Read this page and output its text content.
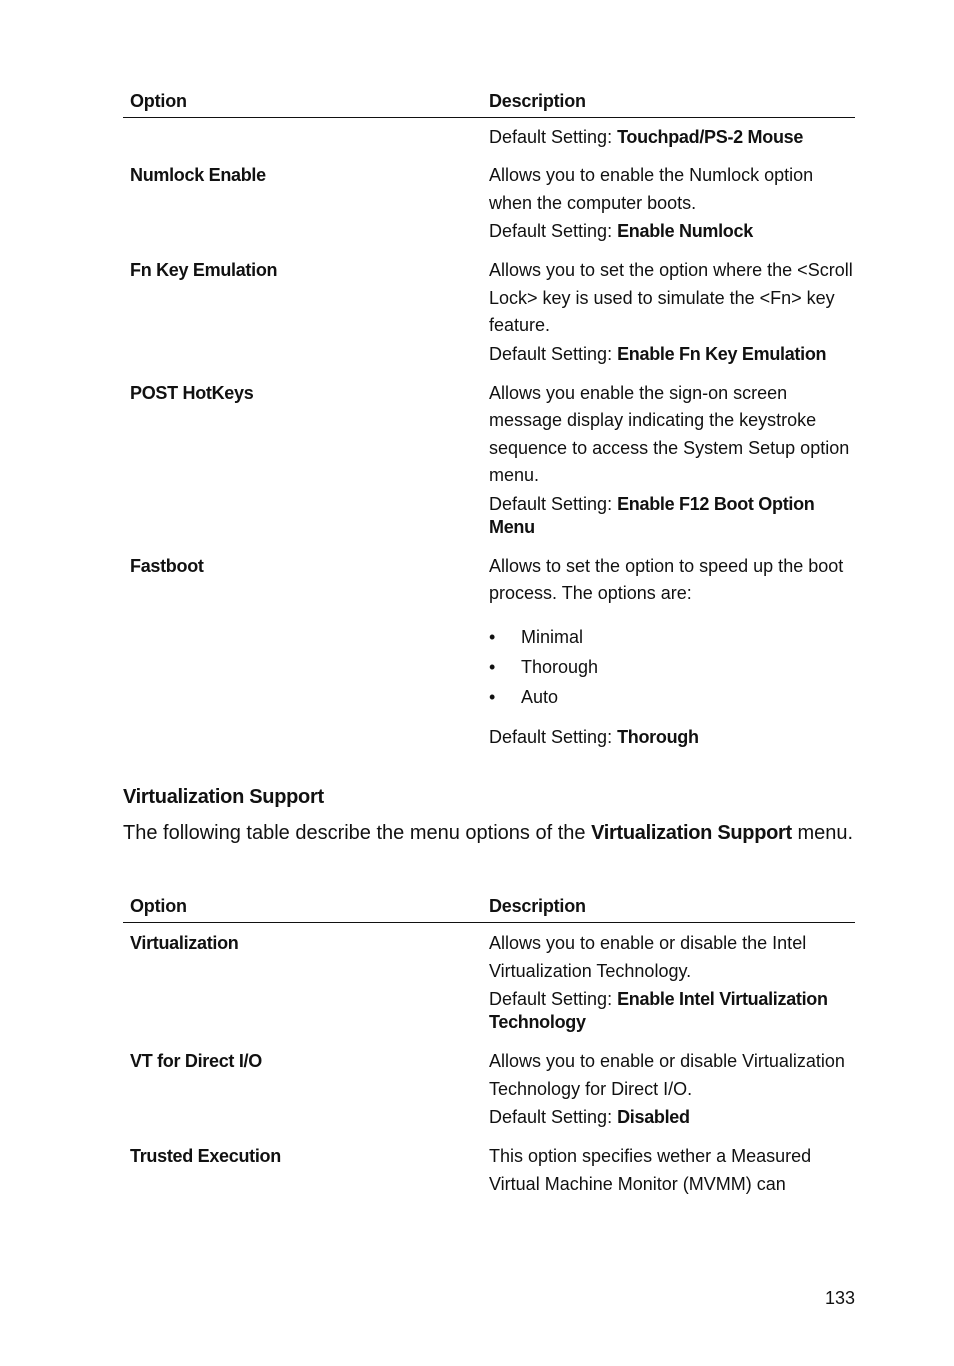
Option	Description

Default Setting: Touchpad/PS-2 Mouse

Numlock Enable	Allows you to enable the Numlock option when the computer boots.

Default Setting: Enable Numlock

Fn Key Emulation	Allows you to set the option where the <Scroll Lock> key is used to simulate the <Fn> key feature.

Default Setting: Enable Fn Key Emulation

POST HotKeys	Allows you enable the sign-on screen message display indicating the keystroke sequence to access the System Setup option menu.

Default Setting: Enable F12 Boot Option Menu

Fastboot	Allows to set the option to speed up the boot process. The options are:

• Minimal
• Thorough
• Auto

Default Setting: Thorough

Virtualization Support

The following table describe the menu options of the Virtualization Support menu.

Option	Description
Virtualization	Allows you to enable or disable the Intel Virtualization Technology.

Default Setting: Enable Intel Virtualization Technology

VT for Direct I/O	Allows you to enable or disable Virtualization Technology for Direct I/O.

Default Setting: Disabled

Trusted Execution	This option specifies wether a Measured Virtual Machine Monitor (MVMM) can

133
